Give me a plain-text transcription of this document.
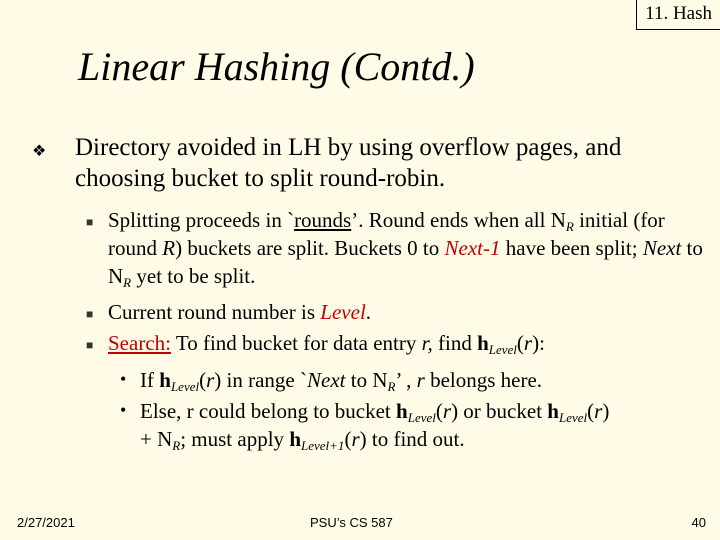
11. Hash
Linear Hashing (Contd.)
❖ Directory avoided in LH by using overflow pages, and choosing bucket to split round-robin.
■ Splitting proceeds in `rounds’. Round ends when all $N_R$ initial (for round R) buckets are split. Buckets 0 to Next-1 have been split; Next to $N_R$ yet to be split.
■ Current round number is Level.
■ Search: To find bucket for data entry r, find $h_{Level}(r)$:
• If $h_{Level}(r)$ in range `Next to $N_R$’ , r belongs here.
• Else, r could belong to bucket $h_{Level}(r)$ or bucket $h_{Level}(r)$
+ $N_R$; must apply $h_{Level+1}(r)$ to find out.
2/27/2021	PSU’s CS 587	40
